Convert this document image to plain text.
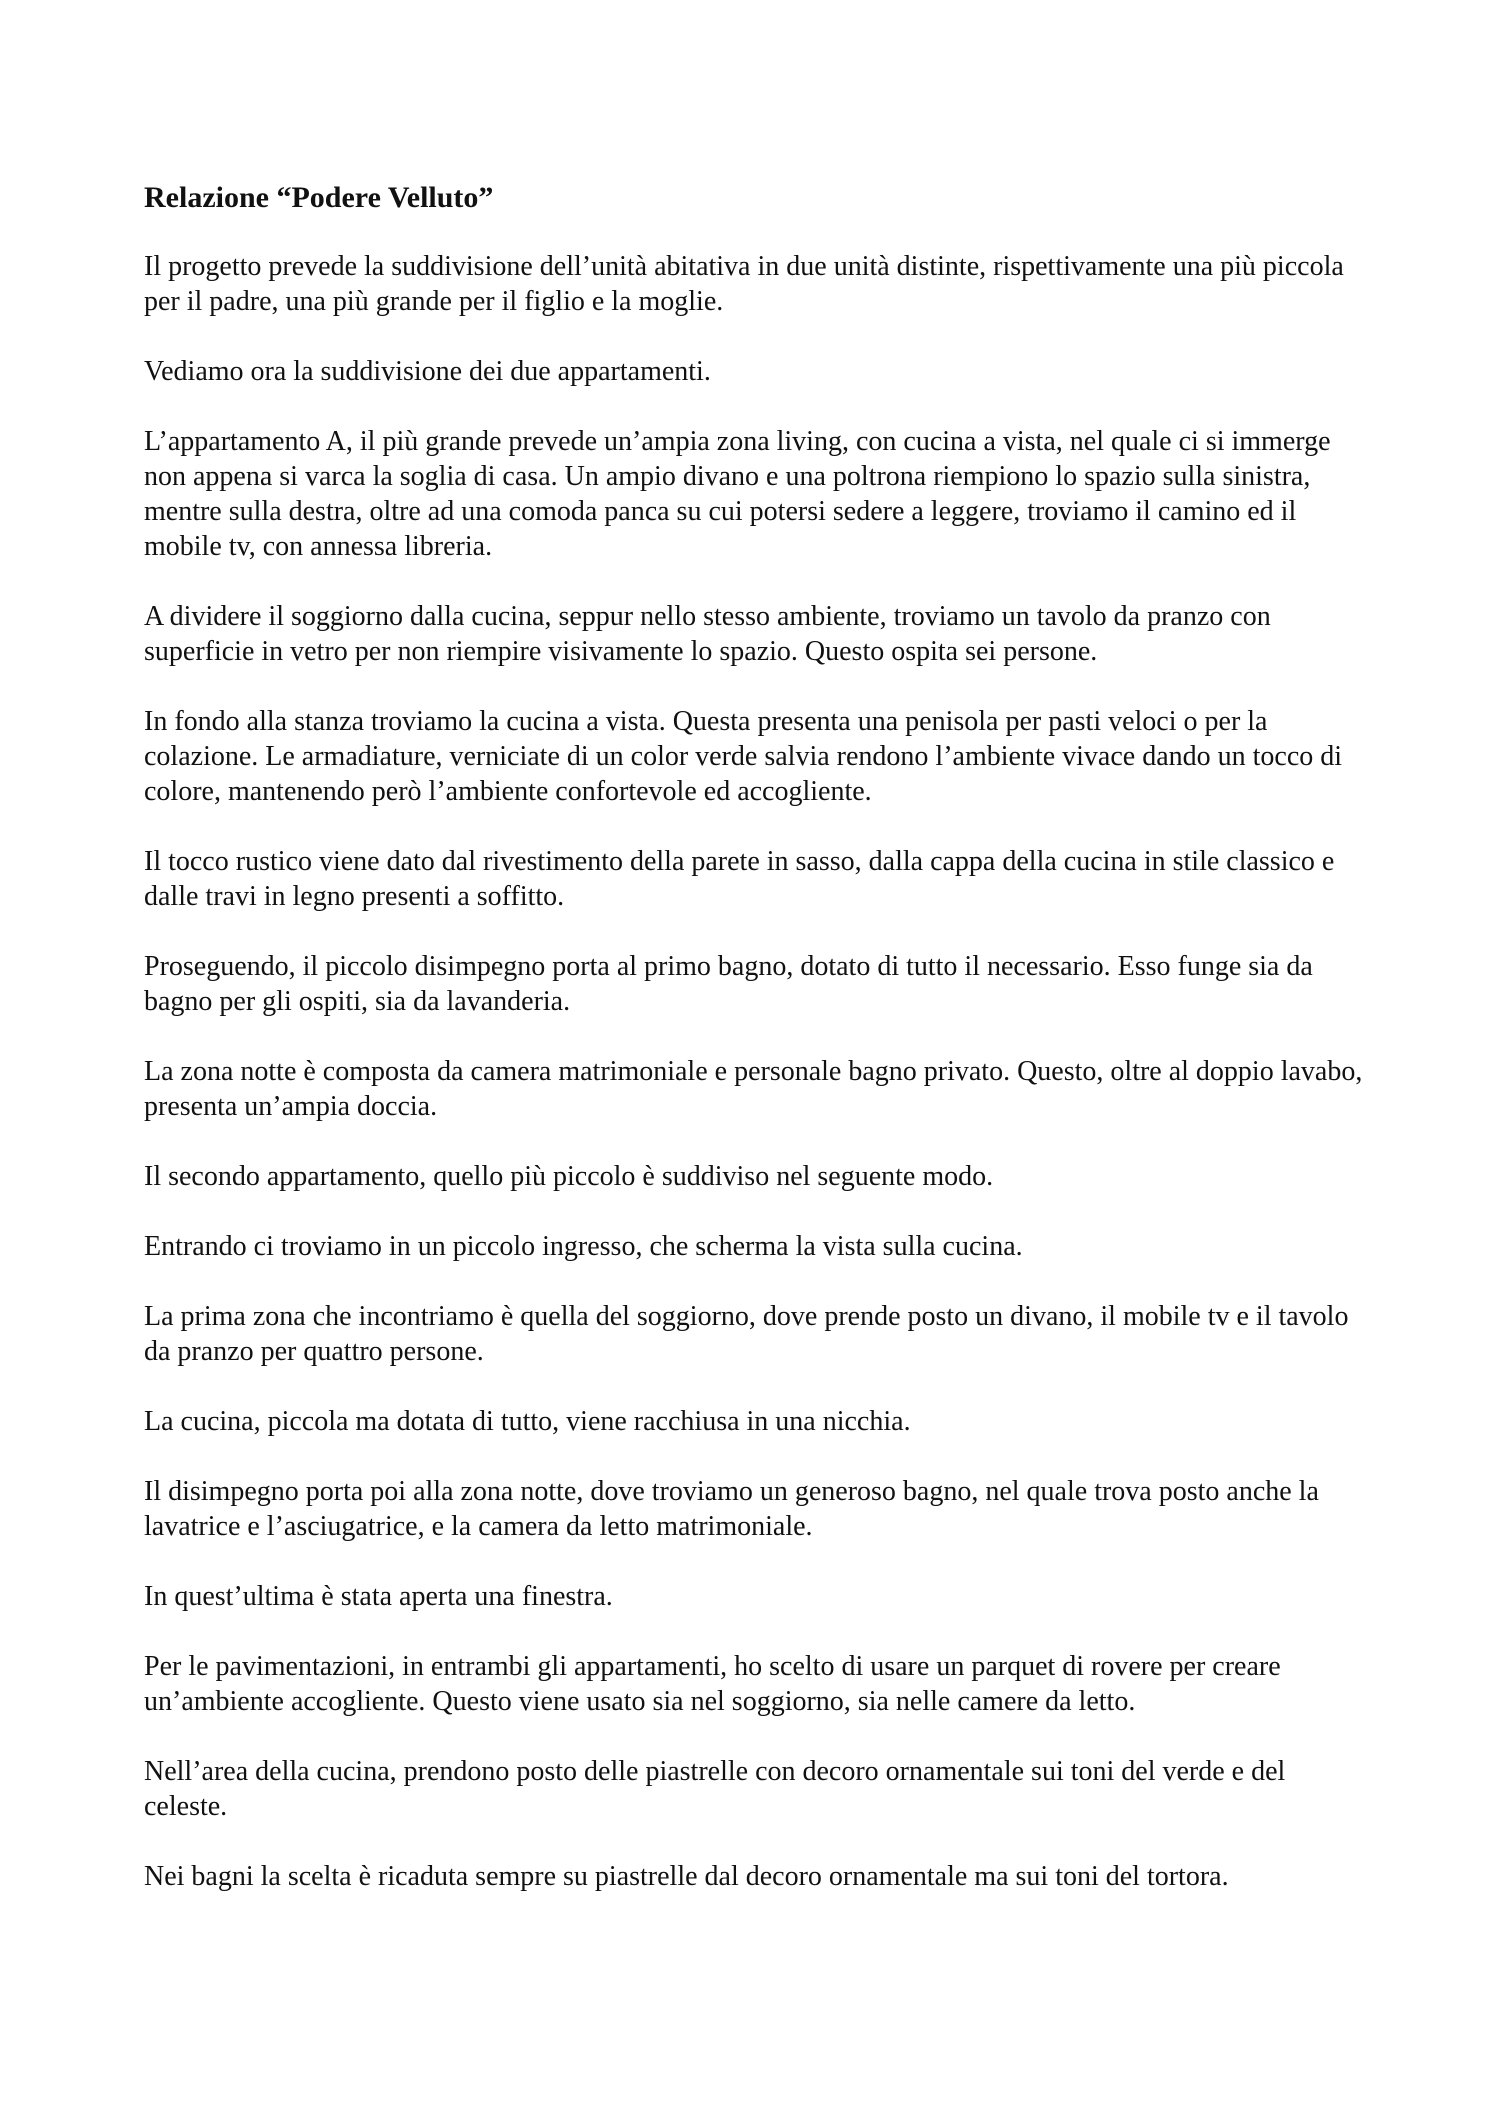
Relazione “Podere Velluto”

Il progetto prevede la suddivisione dell’unità abitativa in due unità distinte, rispettivamente una più piccola per il padre, una più grande per il figlio e la moglie.

Vediamo ora la suddivisione dei due appartamenti.

L’appartamento A, il più grande prevede un’ampia zona living, con cucina a vista, nel quale ci si immerge non appena si varca la soglia di casa. Un ampio divano e una poltrona riempiono lo spazio sulla sinistra, mentre sulla destra, oltre ad una comoda panca su cui potersi sedere a leggere, troviamo il camino ed il mobile tv, con annessa libreria.

A dividere il soggiorno dalla cucina, seppur nello stesso ambiente, troviamo un tavolo da pranzo con superficie in vetro per non riempire visivamente lo spazio. Questo ospita sei persone.

In fondo alla stanza troviamo la cucina a vista. Questa presenta una penisola per pasti veloci o per la colazione. Le armadiature, verniciate di un color verde salvia rendono l’ambiente vivace dando un tocco di colore, mantenendo però l’ambiente confortevole ed accogliente.

Il tocco rustico viene dato dal rivestimento della parete in sasso, dalla cappa della cucina in stile classico e dalle travi in legno presenti a soffitto.

Proseguendo, il piccolo disimpegno porta al primo bagno, dotato di tutto il necessario. Esso funge sia da bagno per gli ospiti, sia da lavanderia.

La zona notte è composta da camera matrimoniale e personale bagno privato. Questo, oltre al doppio lavabo, presenta un’ampia doccia.

Il secondo appartamento, quello più piccolo è suddiviso nel seguente modo.

Entrando ci troviamo in un piccolo ingresso, che scherma la vista sulla cucina.

La prima zona che incontriamo è quella del soggiorno, dove prende posto un divano, il mobile tv e il tavolo da pranzo per quattro persone.

La cucina, piccola ma dotata di tutto, viene racchiusa in una nicchia.

Il disimpegno porta poi alla zona notte, dove troviamo un generoso bagno, nel quale trova posto anche la lavatrice e l’asciugatrice, e la camera da letto matrimoniale.

In quest’ultima è stata aperta una finestra.

Per le pavimentazioni, in entrambi gli appartamenti, ho scelto di usare un parquet di rovere per creare un’ambiente accogliente. Questo viene usato sia nel soggiorno, sia nelle camere da letto.

Nell’area della cucina, prendono posto delle piastrelle con decoro ornamentale sui toni del verde e del celeste.

Nei bagni la scelta è ricaduta sempre su piastrelle dal decoro ornamentale ma sui toni del tortora.
